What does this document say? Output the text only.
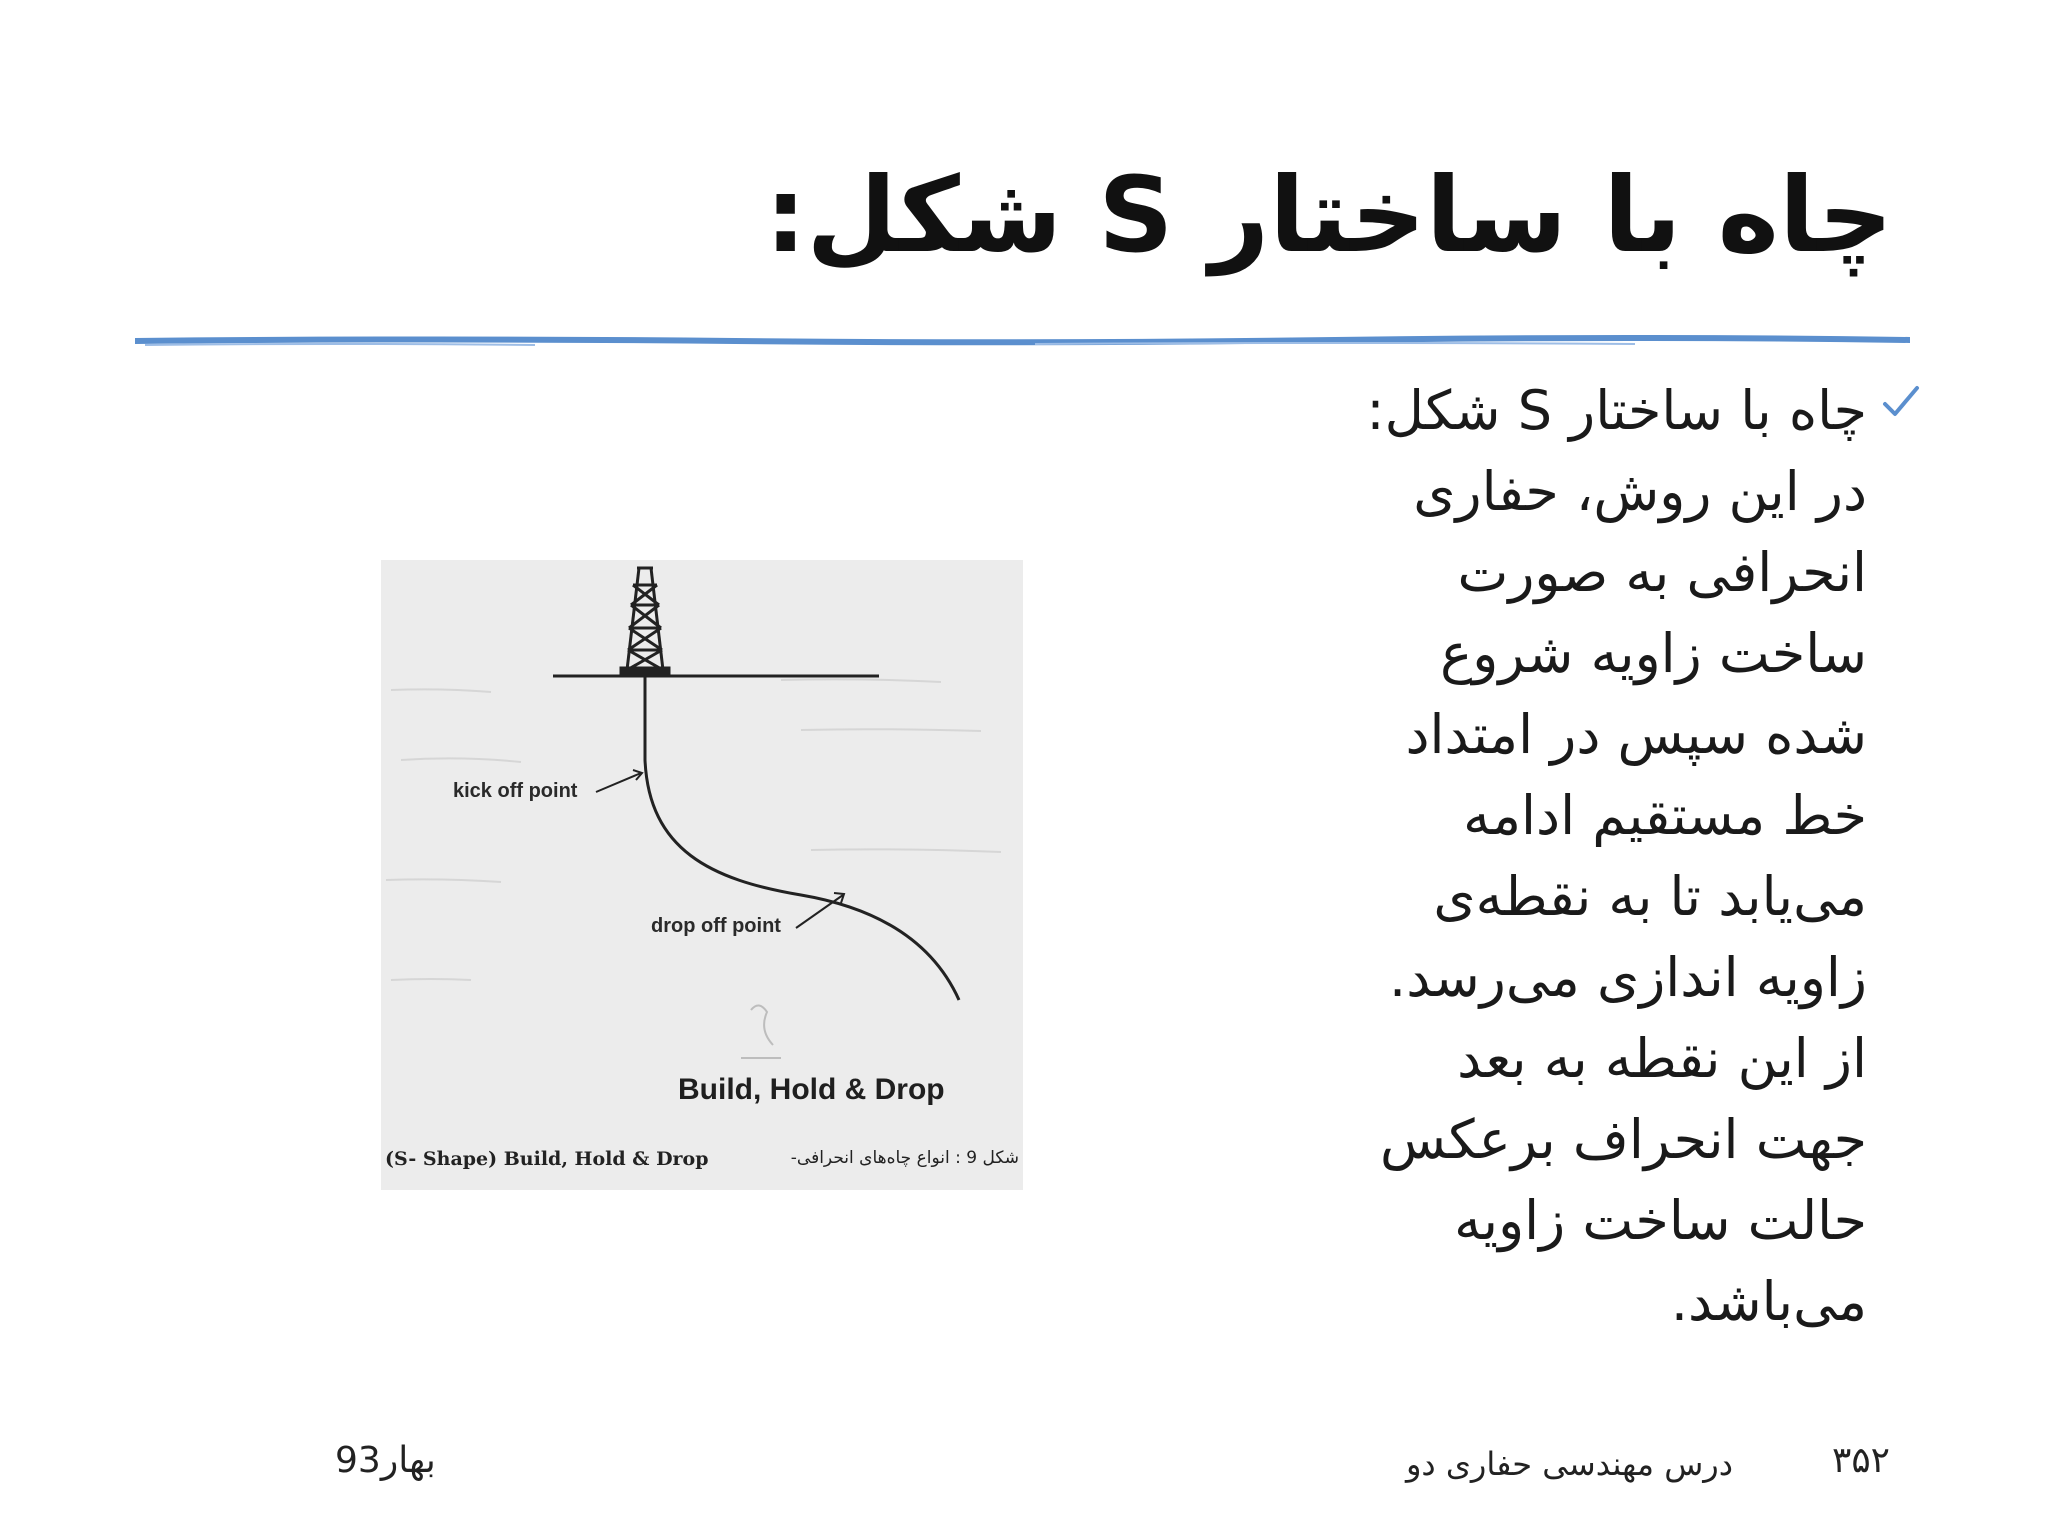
چاه با ساختار S شکل:

چاه با ساختار S شکل: در این روش، حفاری انحرافی به صورت ساخت زاویه شروع شده سپس در امتداد خط مستقیم ادامه می‌یابد تا به نقطه‌ی زاویه اندازی می‌رسد. از این نقطه به بعد جهت انحراف برعکس حالت ساخت زاویه می‌باشد.

kick off point
drop off point
Build, Hold & Drop
(S- Shape) Build, Hold & Drop	شکل 9 : انواع چاه‌های انحرافی-
۳۵۲
درس مهندسی حفاری دو
بهار93
